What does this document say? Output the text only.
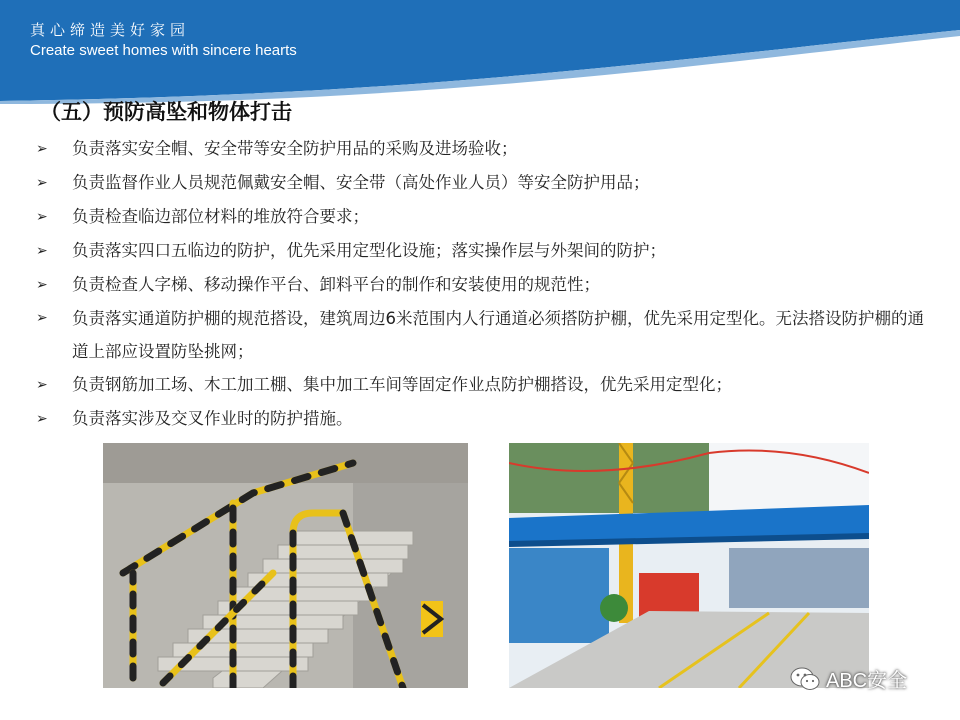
真心缔造美好家园
Create sweet homes with sincere hearts
（五）预防高坠和物体打击
➢	负责落实安全帽、安全带等安全防护用品的采购及进场验收；
➢	负责监督作业人员规范佩戴安全帽、安全带（高处作业人员）等安全防护用品；
➢	负责检查临边部位材料的堆放符合要求；
➢	负责落实四口五临边的防护，优先采用定型化设施；落实操作层与外架间的防护；
➢	负责检查人字梯、移动操作平台、卸料平台的制作和安装使用的规范性；
➢	负责落实通道防护棚的规范搭设，建筑周边6米范围内人行通道必须搭防护棚，优先采用定型化。无法搭设防护棚的通道上部应设置防坠挑网；
➢	负责钢筋加工场、木工加工棚、集中加工车间等固定作业点防护棚搭设，优先采用定型化；
➢	负责落实涉及交叉作业时的防护措施。
ABC安全
